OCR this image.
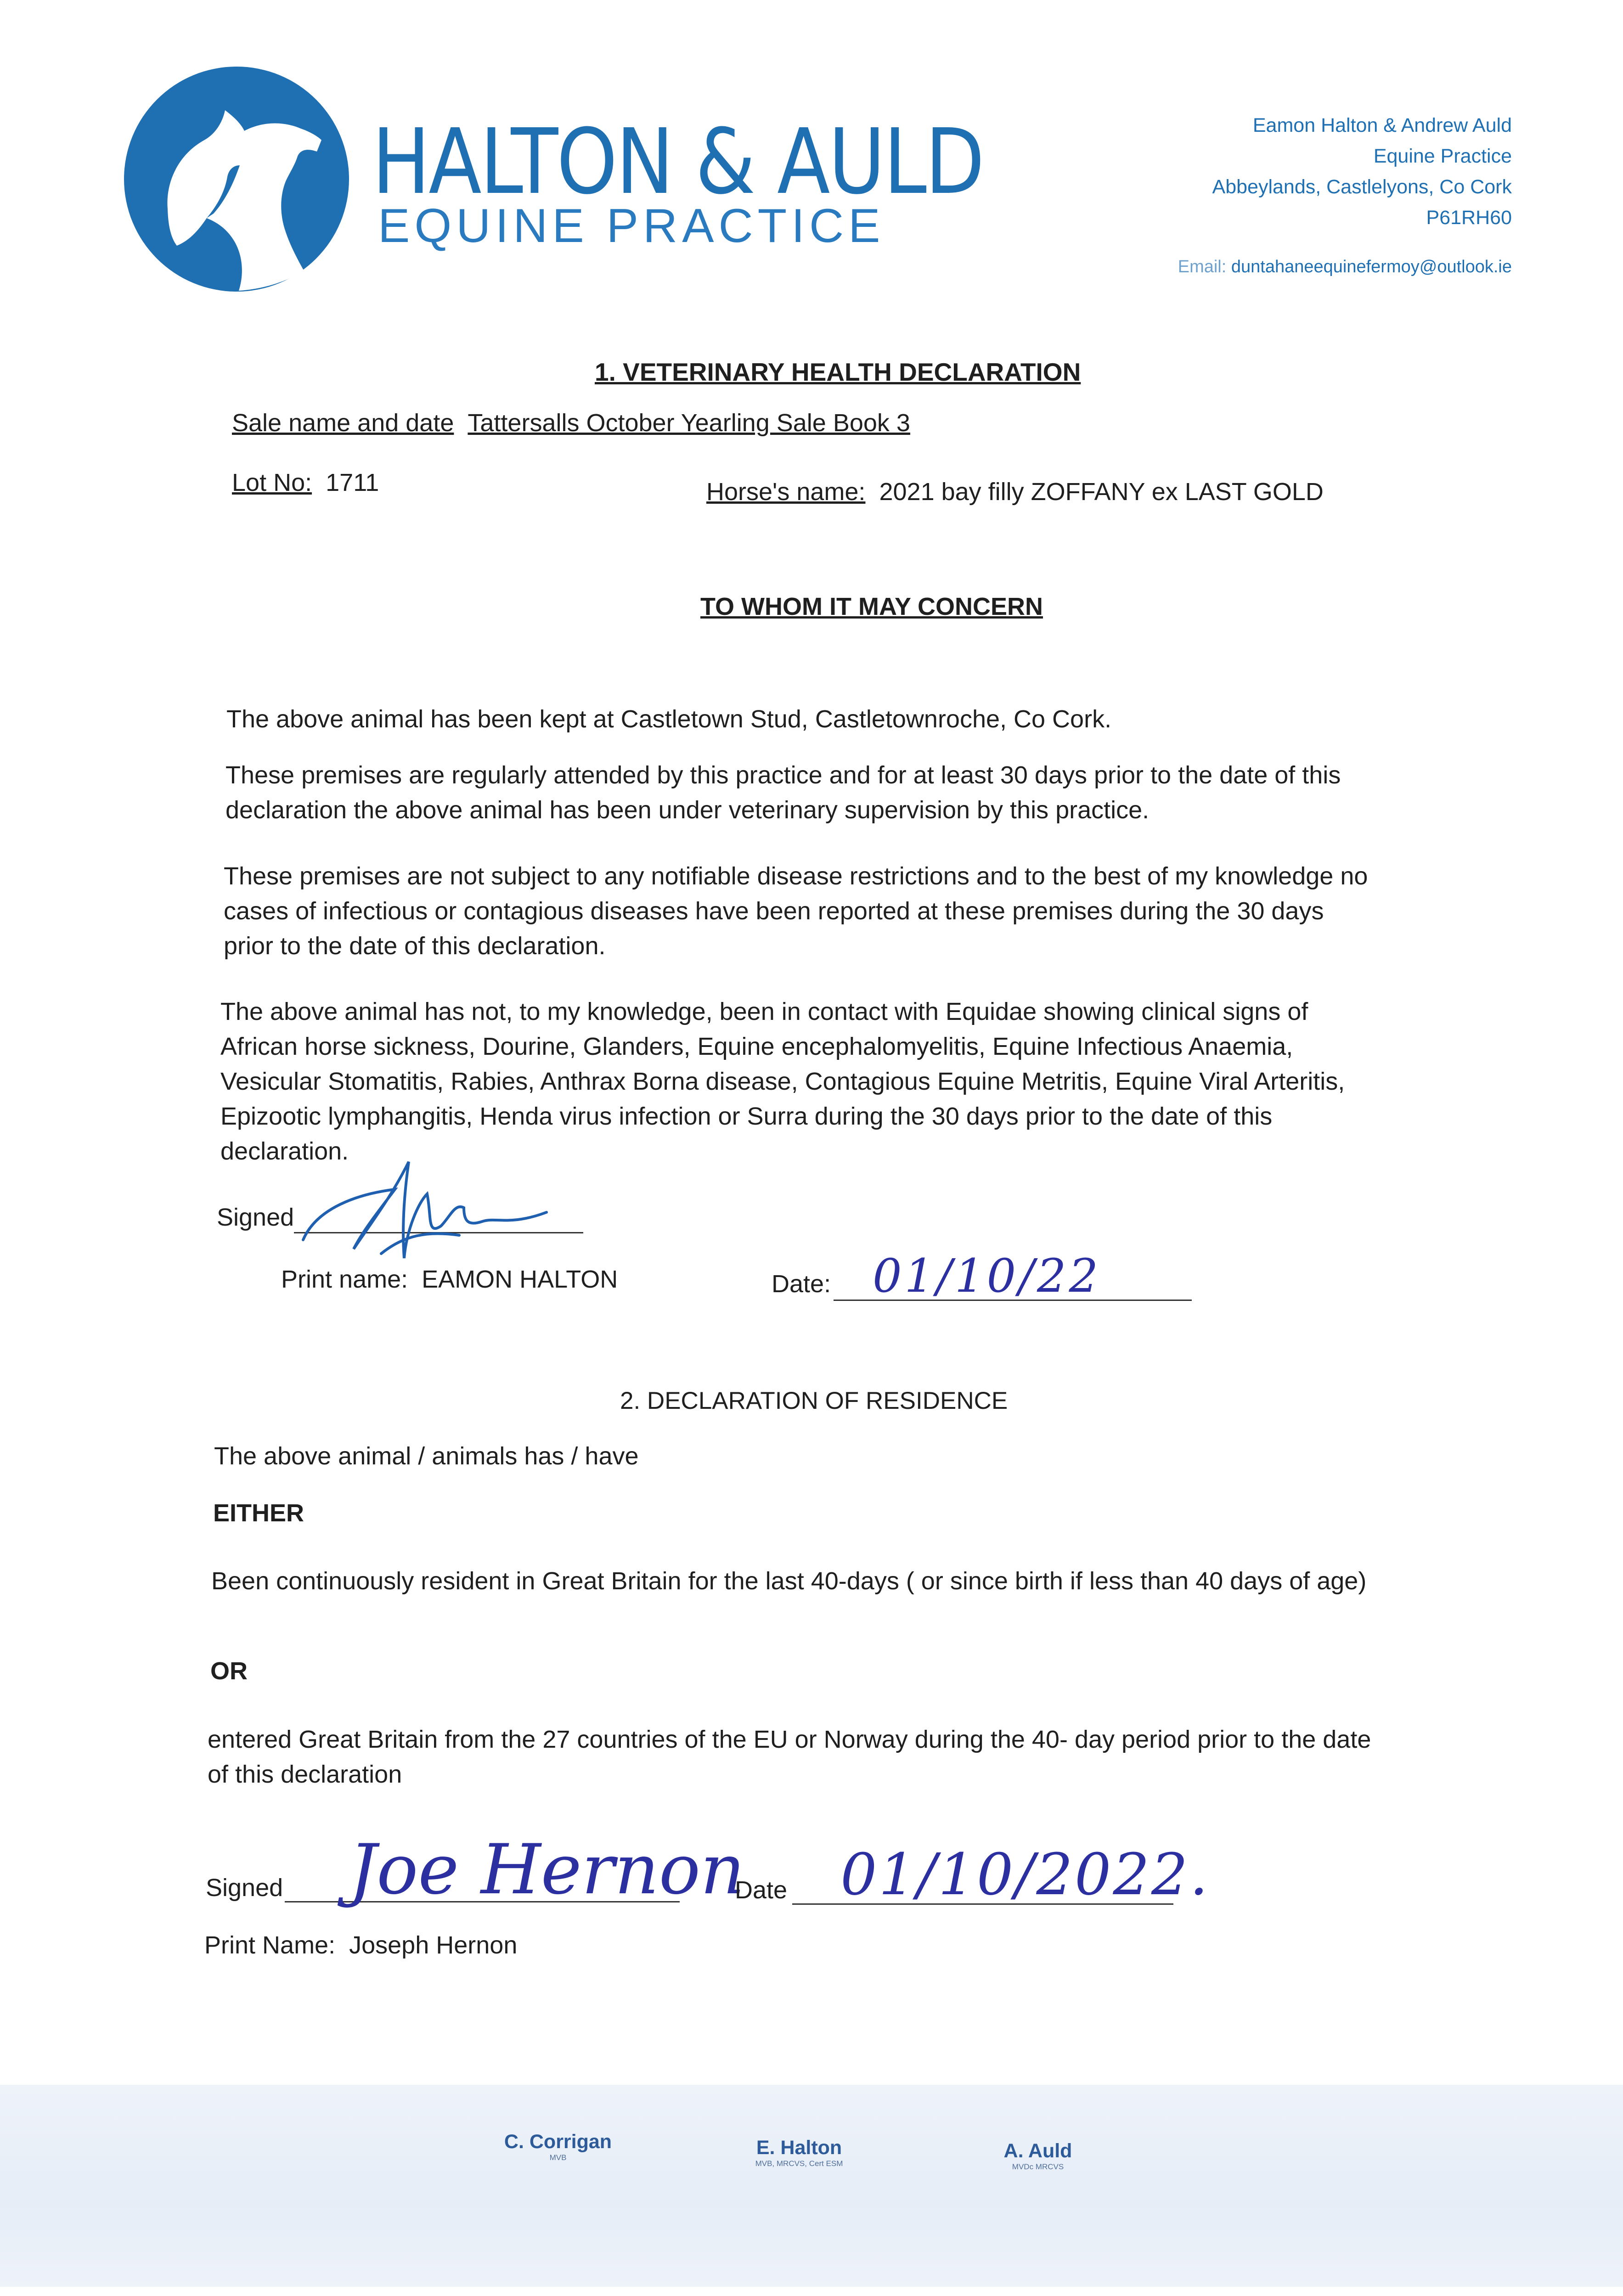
HALTON & AULD
EQUINE PRACTICE
Eamon Halton & Andrew Auld
Equine Practice
Abbeylands, Castlelyons, Co Cork
P61RH60
Email: duntahaneequinefermoy@outlook.ie
1. VETERINARY HEALTH DECLARATION
Sale name and date Tattersalls October Yearling Sale Book 3
Lot No: 1711	Horse's name: 2021 bay filly ZOFFANY ex LAST GOLD
TO WHOM IT MAY CONCERN
The above animal has been kept at Castletown Stud, Castletownroche, Co Cork.
These premises are regularly attended by this practice and for at least 30 days prior to the date of this declaration the above animal has been under veterinary supervision by this practice.
These premises are not subject to any notifiable disease restrictions and to the best of my knowledge no cases of infectious or contagious diseases have been reported at these premises during the 30 days prior to the date of this declaration.
The above animal has not, to my knowledge, been in contact with Equidae showing clinical signs of African horse sickness, Dourine, Glanders, Equine encephalomyelitis, Equine Infectious Anaemia, Vesicular Stomatitis, Rabies, Anthrax Borna disease, Contagious Equine Metritis, Equine Viral Arteritis, Epizootic lymphangitis, Henda virus infection or Surra during the 30 days prior to the date of this declaration.
Signed
Print name: EAMON HALTON	Date: 01/10/22
2. DECLARATION OF RESIDENCE
The above animal / animals has / have
EITHER
Been continuously resident in Great Britain for the last 40-days ( or since birth if less than 40 days of age)
OR
entered Great Britain from the 27 countries of the EU or Norway during the 40- day period prior to the date of this declaration
Signed Joe Hernon
Date 01/10/2022.
Print Name: Joseph Hernon
C. Corrigan
MVB	E. Halton
MVB, MRCVS, Cert ESM
A. Auld
MVDc MRCVS
